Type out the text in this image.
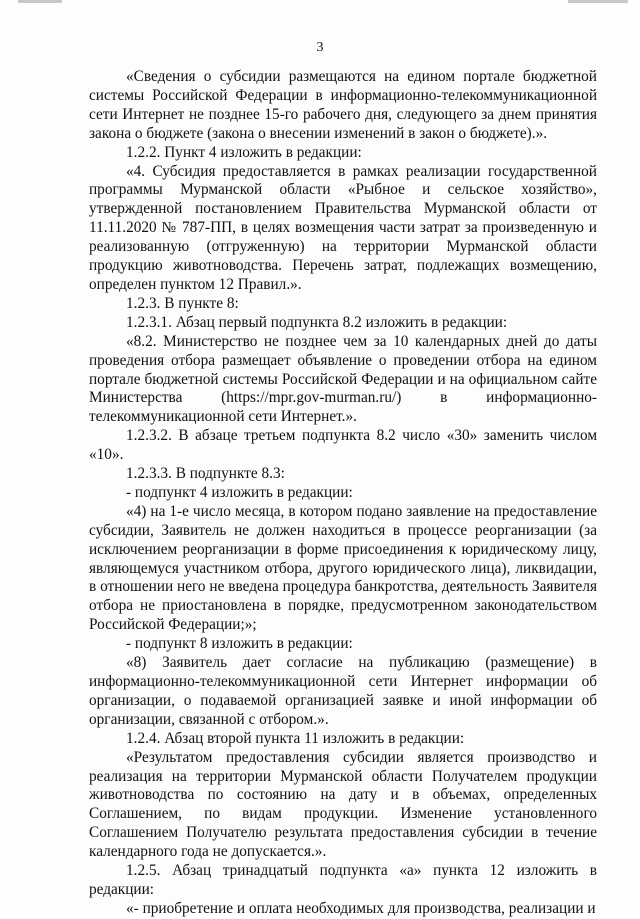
3

«Сведения о субсидии размещаются на едином портале бюджетной системы Российской Федерации в информационно-телекоммуникационной сети Интернет не позднее 15-го рабочего дня, следующего за днем принятия закона о бюджете (закона о внесении изменений в закон о бюджете).».

1.2.2. Пункт 4 изложить в редакции:

«4. Субсидия предоставляется в рамках реализации государственной программы Мурманской области «Рыбное и сельское хозяйство», утвержденной постановлением Правительства Мурманской области от 11.11.2020 № 787-ПП, в целях возмещения части затрат за произведенную и реализованную (отгруженную) на территории Мурманской области продукцию животноводства. Перечень затрат, подлежащих возмещению, определен пунктом 12 Правил.».

1.2.3. В пункте 8:

1.2.3.1. Абзац первый подпункта 8.2 изложить в редакции:

«8.2. Министерство не позднее чем за 10 календарных дней до даты проведения отбора размещает объявление о проведении отбора на едином портале бюджетной системы Российской Федерации и на официальном сайте Министерства (https://mpr.gov-murman.ru/) в информационно-телекоммуникационной сети Интернет.».

1.2.3.2. В абзаце третьем подпункта 8.2 число «30» заменить числом «10».

1.2.3.3. В подпункте 8.3:

- подпункт 4 изложить в редакции:

«4) на 1-е число месяца, в котором подано заявление на предоставление субсидии, Заявитель не должен находиться в процессе реорганизации (за исключением реорганизации в форме присоединения к юридическому лицу, являющемуся участником отбора, другого юридического лица), ликвидации, в отношении него не введена процедура банкротства, деятельность Заявителя отбора не приостановлена в порядке, предусмотренном законодательством Российской Федерации;»;

- подпункт 8 изложить в редакции:

«8) Заявитель дает согласие на публикацию (размещение) в информационно-телекоммуникационной сети Интернет информации об организации, о подаваемой организацией заявке и иной информации об организации, связанной с отбором.».

1.2.4. Абзац второй пункта 11 изложить в редакции:

«Результатом предоставления субсидии является производство и реализация на территории Мурманской области Получателем продукции животноводства по состоянию на дату и в объемах, определенных Соглашением, по видам продукции. Изменение установленного Соглашением Получателю результата предоставления субсидии в течение календарного года не допускается.».

1.2.5. Абзац тринадцатый подпункта «а» пункта 12 изложить в редакции:

«- приобретение и оплата необходимых для производства, реализации и
